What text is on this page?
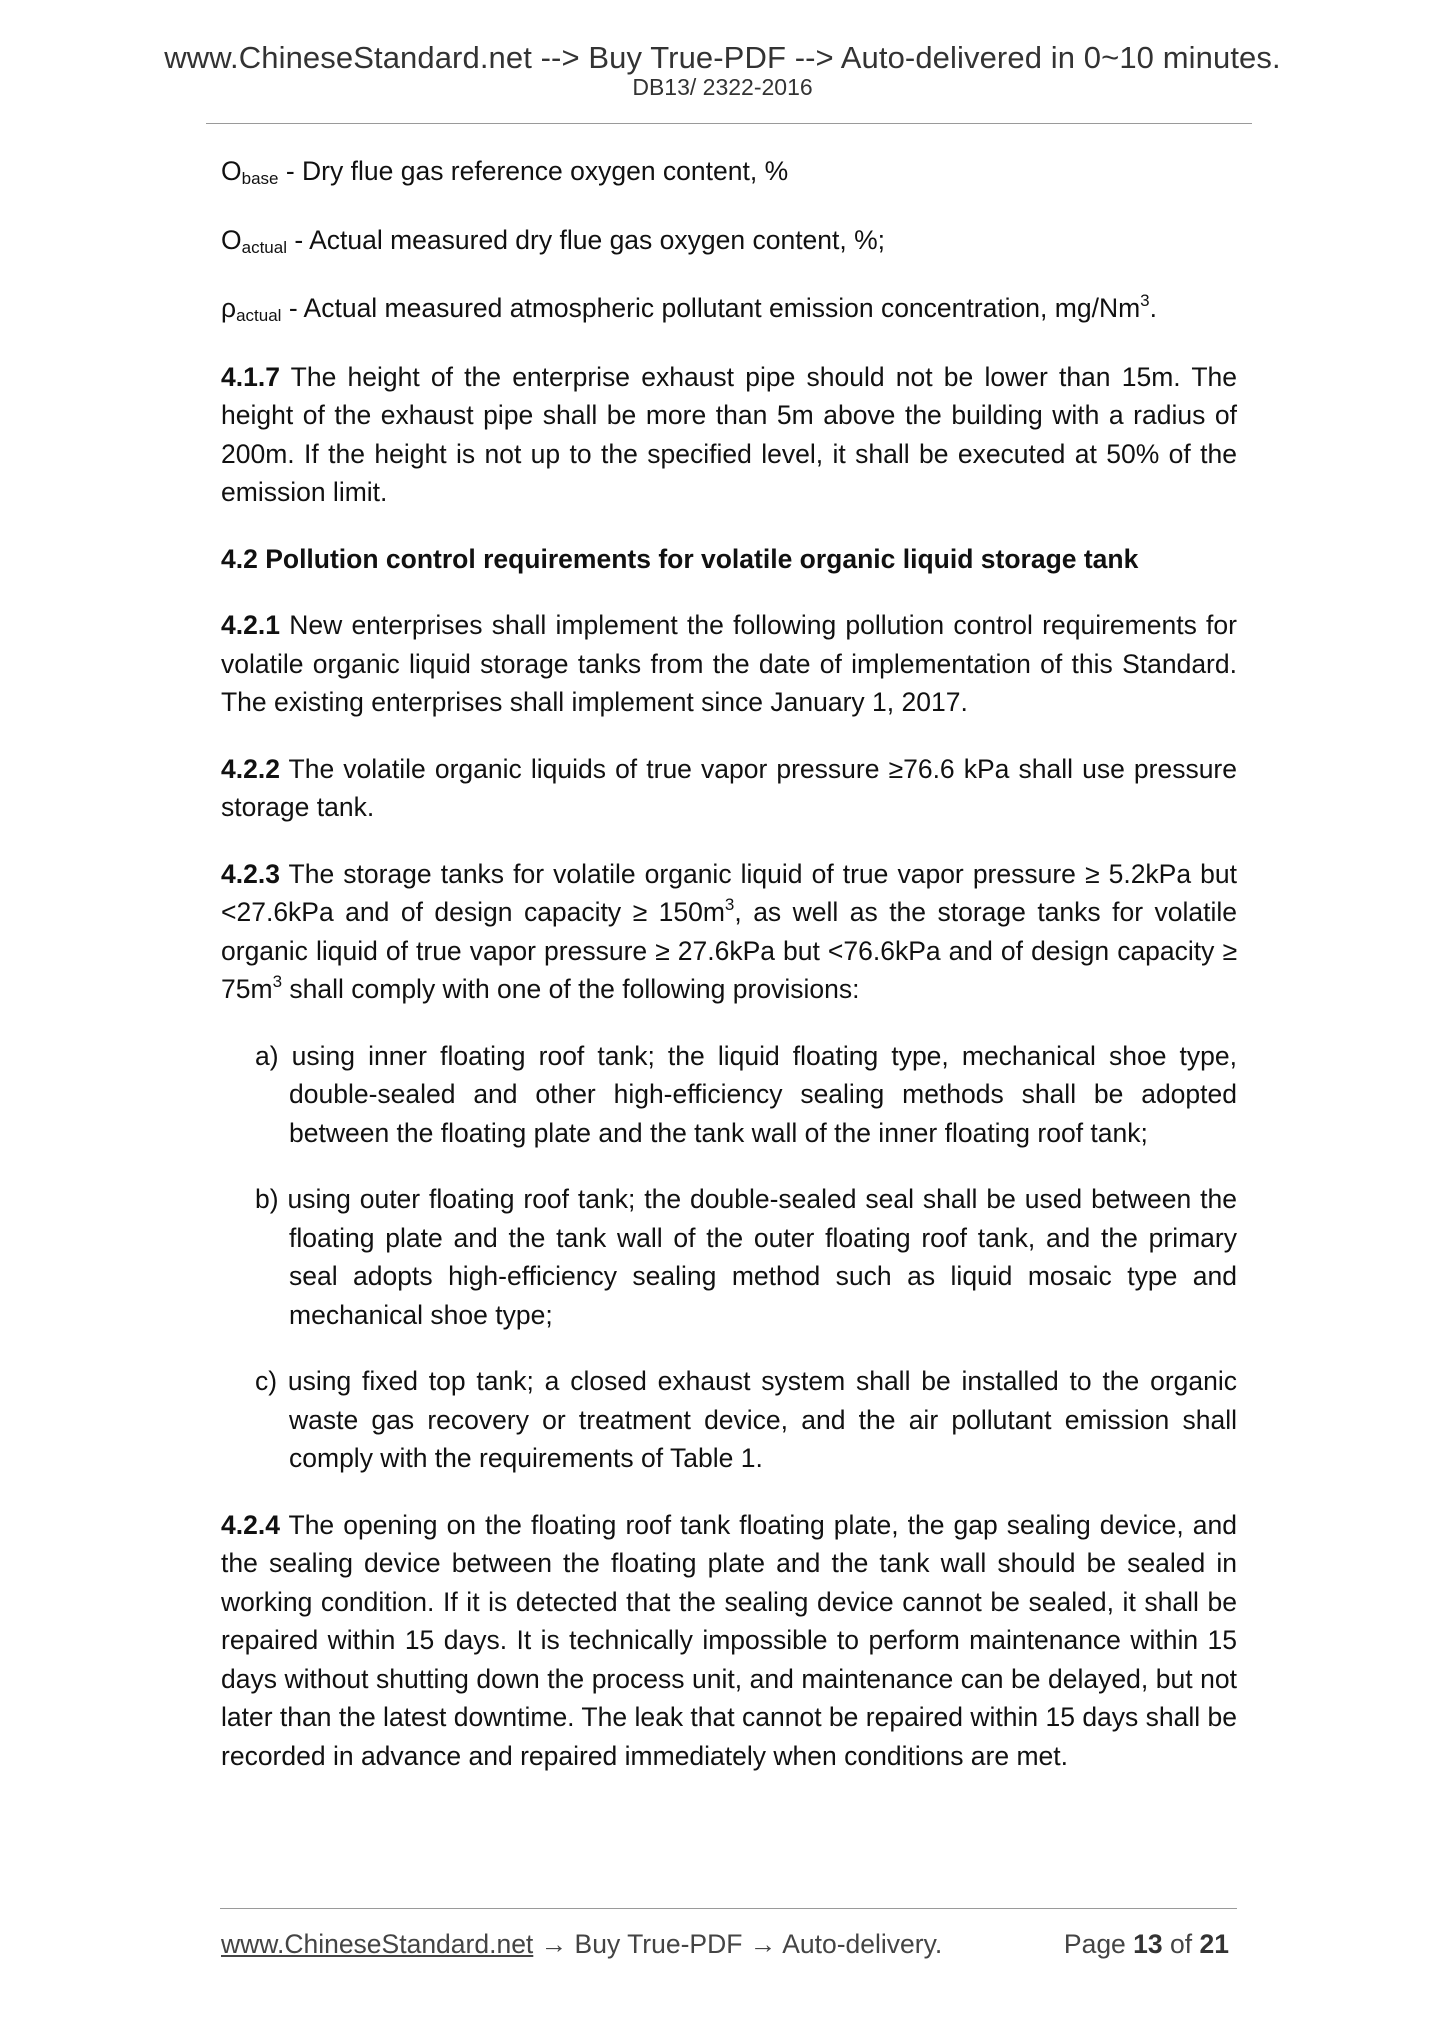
www.ChineseStandard.net --> Buy True-PDF --> Auto-delivered in 0~10 minutes.
DB13/ 2322-2016

$O_{base}$ - Dry flue gas reference oxygen content, %

$O_{actual}$ - Actual measured dry flue gas oxygen content, %;

$\rho_{actual}$ - Actual measured atmospheric pollutant emission concentration, mg/Nm$^3$.

4.1.7 The height of the enterprise exhaust pipe should not be lower than 15m. The height of the exhaust pipe shall be more than 5m above the building with a radius of 200m. If the height is not up to the specified level, it shall be executed at 50% of the emission limit.

4.2 Pollution control requirements for volatile organic liquid storage tank

4.2.1 New enterprises shall implement the following pollution control requirements for volatile organic liquid storage tanks from the date of implementation of this Standard. The existing enterprises shall implement since January 1, 2017.

4.2.2 The volatile organic liquids of true vapor pressure ≥76.6 kPa shall use pressure storage tank.

4.2.3 The storage tanks for volatile organic liquid of true vapor pressure ≥ 5.2kPa but <27.6kPa and of design capacity ≥ $150m^3$, as well as the storage tanks for volatile organic liquid of true vapor pressure ≥ 27.6kPa but <76.6kPa and of design capacity ≥ $75m^3$ shall comply with one of the following provisions:

a) using inner floating roof tank; the liquid floating type, mechanical shoe type, double-sealed and other high-efficiency sealing methods shall be adopted between the floating plate and the tank wall of the inner floating roof tank;

b) using outer floating roof tank; the double-sealed seal shall be used between the floating plate and the tank wall of the outer floating roof tank, and the primary seal adopts high-efficiency sealing method such as liquid mosaic type and mechanical shoe type;

c) using fixed top tank; a closed exhaust system shall be installed to the organic waste gas recovery or treatment device, and the air pollutant emission shall comply with the requirements of Table 1.

4.2.4 The opening on the floating roof tank floating plate, the gap sealing device, and the sealing device between the floating plate and the tank wall should be sealed in working condition. If it is detected that the sealing device cannot be sealed, it shall be repaired within 15 days. It is technically impossible to perform maintenance within 15 days without shutting down the process unit, and maintenance can be delayed, but not later than the latest downtime. The leak that cannot be repaired within 15 days shall be recorded in advance and repaired immediately when conditions are met.

www.ChineseStandard.net → Buy True-PDF → Auto-delivery.	Page 13 of 21
